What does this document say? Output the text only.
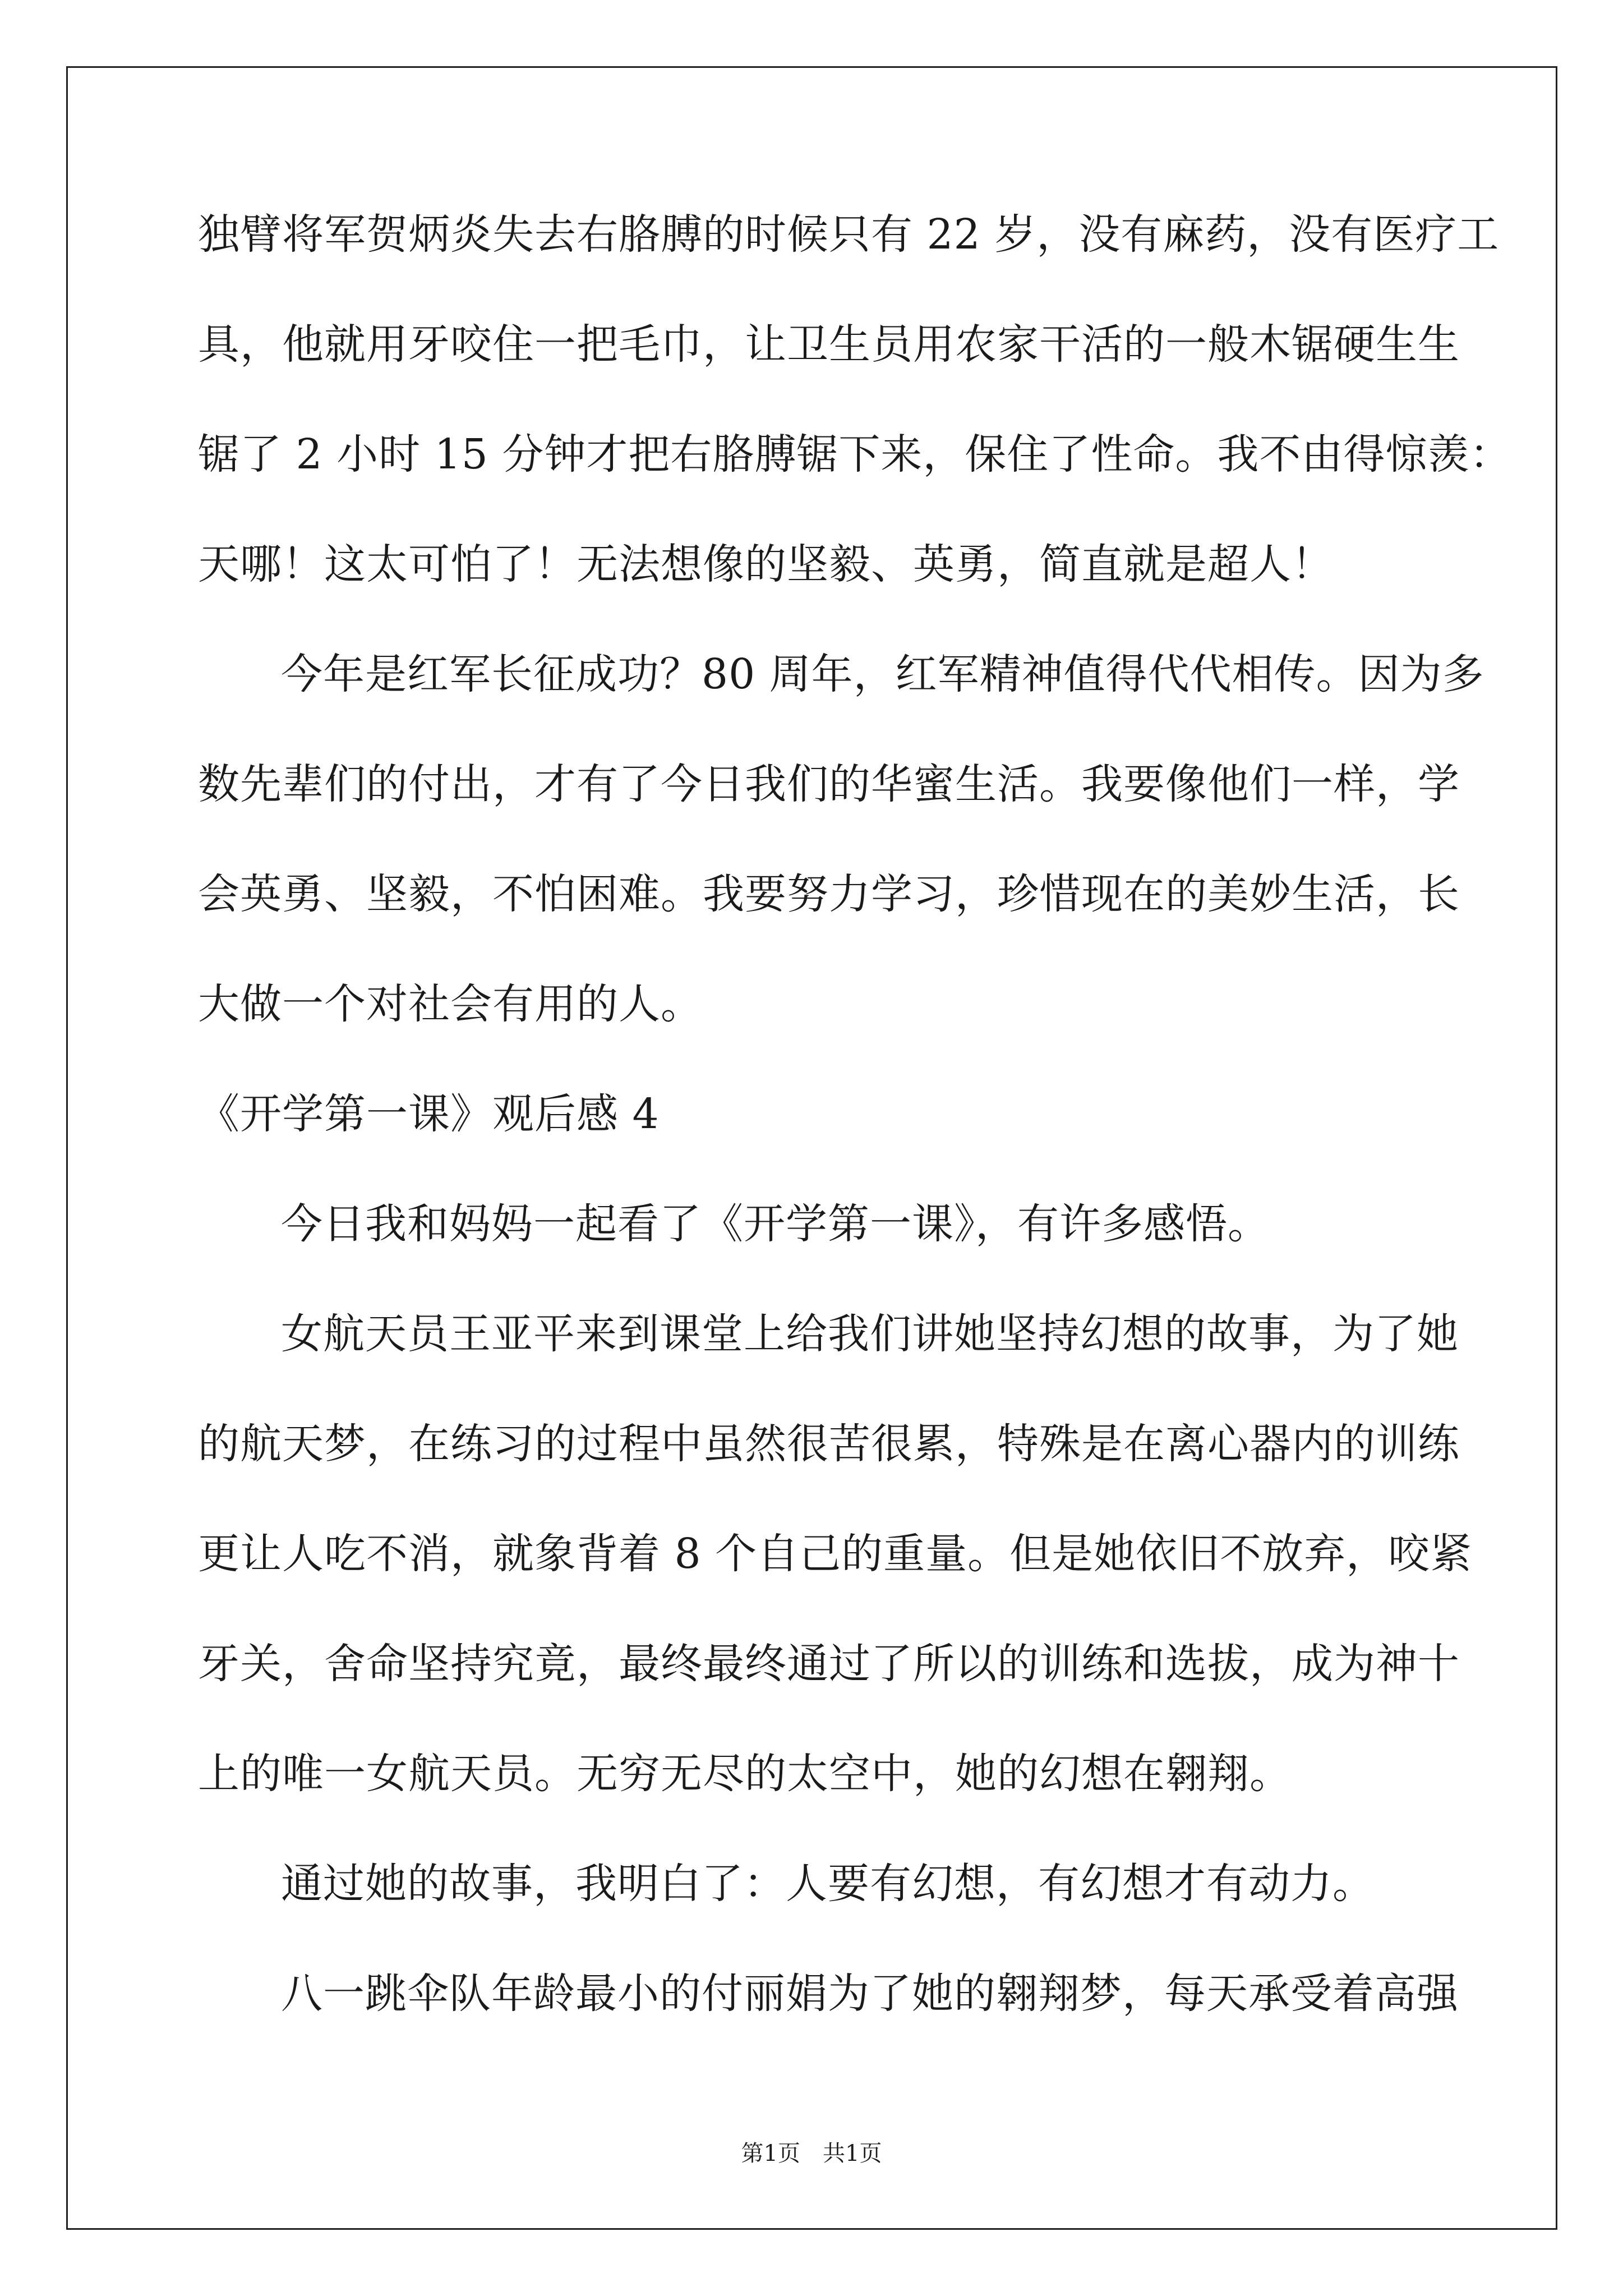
独臂将军贺炳炎失去右胳膊的时候只有 22 岁，没有麻药，没有医疗工
具，他就用牙咬住一把毛巾，让卫生员用农家干活的一般木锯硬生生
锯了 2 小时 15 分钟才把右胳膊锯下来，保住了性命。我不由得惊羡：
天哪！这太可怕了！无法想像的坚毅、英勇，简直就是超人！
今年是红军长征成功？80 周年，红军精神值得代代相传。因为多
数先辈们的付出，才有了今日我们的华蜜生活。我要像他们一样，学
会英勇、坚毅，不怕困难。我要努力学习，珍惜现在的美妙生活，长
大做一个对社会有用的人。
《开学第一课》观后感 4
今日我和妈妈一起看了《开学第一课》，有许多感悟。
女航天员王亚平来到课堂上给我们讲她坚持幻想的故事，为了她
的航天梦，在练习的过程中虽然很苦很累，特殊是在离心器内的训练
更让人吃不消，就象背着 8 个自己的重量。但是她依旧不放弃，咬紧
牙关，舍命坚持究竟，最终最终通过了所以的训练和选拔，成为神十
上的唯一女航天员。无穷无尽的太空中，她的幻想在翱翔。
通过她的故事，我明白了：人要有幻想，有幻想才有动力。
八一跳伞队年龄最小的付丽娟为了她的翱翔梦，每天承受着高强
第1页　共1页
